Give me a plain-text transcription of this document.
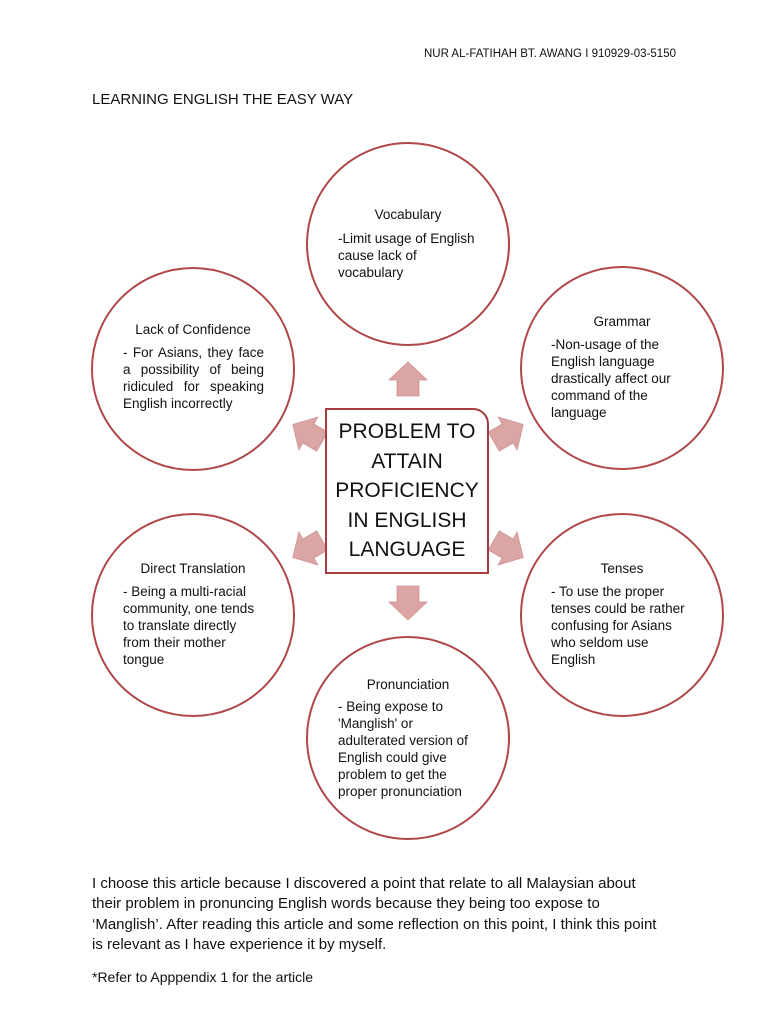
NUR AL-FATIHAH BT. AWANG I 910929-03-5150
LEARNING ENGLISH THE EASY WAY
PROBLEM TO
ATTAIN
PROFICIENCY
IN ENGLISH
LANGUAGE
Vocabulary
-Limit usage of English
cause lack of
vocabulary
Grammar
-Non-usage of the
English language
drastically affect our
command of the
language
Tenses
- To use the proper
tenses could be rather
confusing for Asians
who seldom use
English
Pronunciation
- Being expose to
'Manglish' or
adulterated version of
English could give
problem to get the
proper pronunciation
Direct Translation
- Being a multi-racial
community, one tends
to translate directly
from their mother
tongue
Lack of Confidence
- For Asians, they face
a possibility of being
ridiculed for speaking
English incorrectly
I choose this article because I discovered a point that relate to all Malaysian about
their problem in pronuncing English words because they being too expose to
‘Manglish’. After reading this article and some reflection on this point, I think this point
is relevant as I have experience it by myself.
*Refer to Apppendix 1 for the article
